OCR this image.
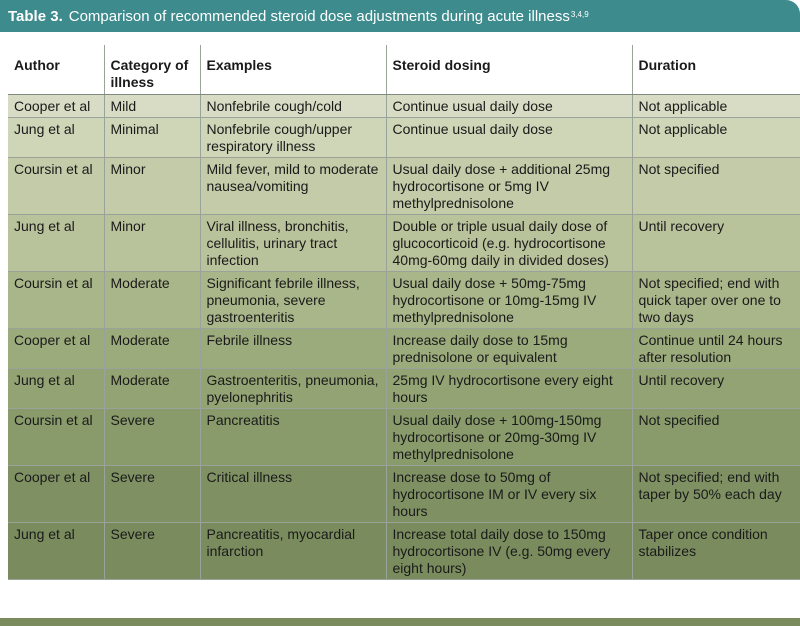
Table 3. Comparison of recommended steroid dose adjustments during acute illness$^{3,4,9}$
Author	Category of illness	Examples	Steroid dosing	Duration
Cooper et al	Mild	Nonfebrile cough/cold	Continue usual daily dose	Not applicable
Jung et al	Minimal	Nonfebrile cough/upper respiratory illness	Continue usual daily dose	Not applicable
Coursin et al	Minor	Mild fever, mild to moderate nausea/vomiting	Usual daily dose + additional 25mg hydrocortisone or 5mg IV methylprednisolone	Not specified
Jung et al	Minor	Viral illness, bronchitis, cellulitis, urinary tract infection	Double or triple usual daily dose of glucocorticoid (e.g. hydrocortisone 40mg-60mg daily in divided doses)	Until recovery
Coursin et al	Moderate	Significant febrile illness, pneumonia, severe gastroenteritis	Usual daily dose + 50mg-75mg hydrocortisone or 10mg-15mg IV methylprednisolone	Not specified; end with quick taper over one to two days
Cooper et al	Moderate	Febrile illness	Increase daily dose to 15mg prednisolone or equivalent	Continue until 24 hours after resolution
Jung et al	Moderate	Gastroenteritis, pneumonia, pyelonephritis	25mg IV hydrocortisone every eight hours	Until recovery
Coursin et al	Severe	Pancreatitis	Usual daily dose + 100mg-150mg hydrocortisone or 20mg-30mg IV methylprednisolone	Not specified
Cooper et al	Severe	Critical illness	Increase dose to 50mg of hydrocortisone IM or IV every six hours	Not specified; end with taper by 50% each day
Jung et al	Severe	Pancreatitis, myocardial infarction	Increase total daily dose to 150mg hydrocortisone IV (e.g. 50mg every eight hours)	Taper once condition stabilizes
